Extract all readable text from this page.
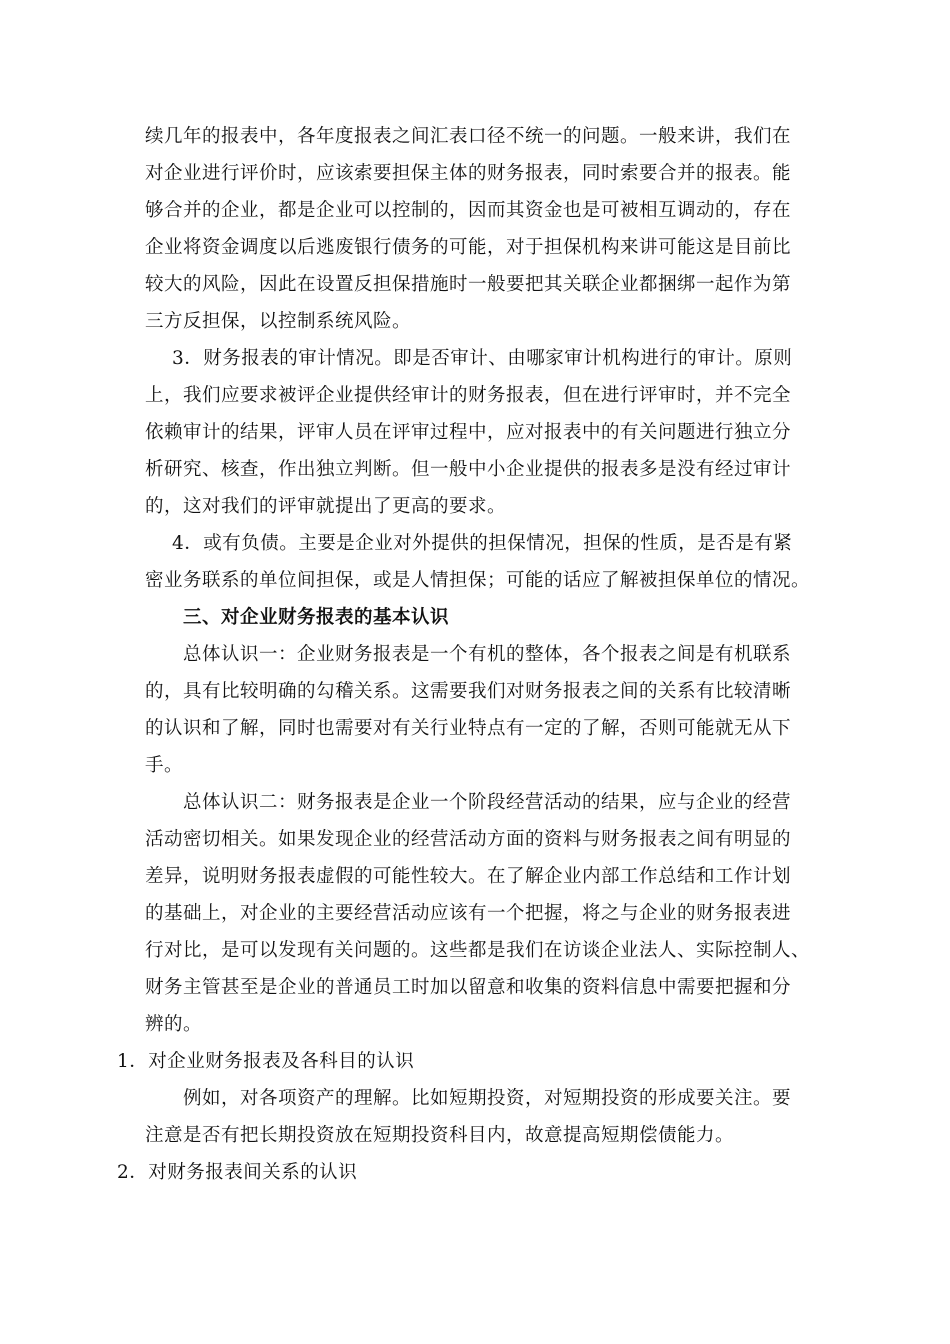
续几年的报表中，各年度报表之间汇表口径不统一的问题。一般来讲，我们在
对企业进行评价时，应该索要担保主体的财务报表，同时索要合并的报表。能
够合并的企业，都是企业可以控制的，因而其资金也是可被相互调动的，存在
企业将资金调度以后逃废银行债务的可能，对于担保机构来讲可能这是目前比
较大的风险，因此在设置反担保措施时一般要把其关联企业都捆绑一起作为第
三方反担保，以控制系统风险。
3．财务报表的审计情况。即是否审计、由哪家审计机构进行的审计。原则
上，我们应要求被评企业提供经审计的财务报表，但在进行评审时，并不完全
依赖审计的结果，评审人员在评审过程中，应对报表中的有关问题进行独立分
析研究、核查，作出独立判断。但一般中小企业提供的报表多是没有经过审计
的，这对我们的评审就提出了更高的要求。
4．或有负债。主要是企业对外提供的担保情况，担保的性质，是否是有紧
密业务联系的单位间担保，或是人情担保；可能的话应了解被担保单位的情况。
三、对企业财务报表的基本认识
总体认识一：企业财务报表是一个有机的整体，各个报表之间是有机联系
的，具有比较明确的勾稽关系。这需要我们对财务报表之间的关系有比较清晰
的认识和了解，同时也需要对有关行业特点有一定的了解，否则可能就无从下
手。
总体认识二：财务报表是企业一个阶段经营活动的结果，应与企业的经营
活动密切相关。如果发现企业的经营活动方面的资料与财务报表之间有明显的
差异，说明财务报表虚假的可能性较大。在了解企业内部工作总结和工作计划
的基础上，对企业的主要经营活动应该有一个把握，将之与企业的财务报表进
行对比，是可以发现有关问题的。这些都是我们在访谈企业法人、实际控制人、
财务主管甚至是企业的普通员工时加以留意和收集的资料信息中需要把握和分
辨的。
1．对企业财务报表及各科目的认识
例如，对各项资产的理解。比如短期投资，对短期投资的形成要关注。要
注意是否有把长期投资放在短期投资科目内，故意提高短期偿债能力。
2．对财务报表间关系的认识
